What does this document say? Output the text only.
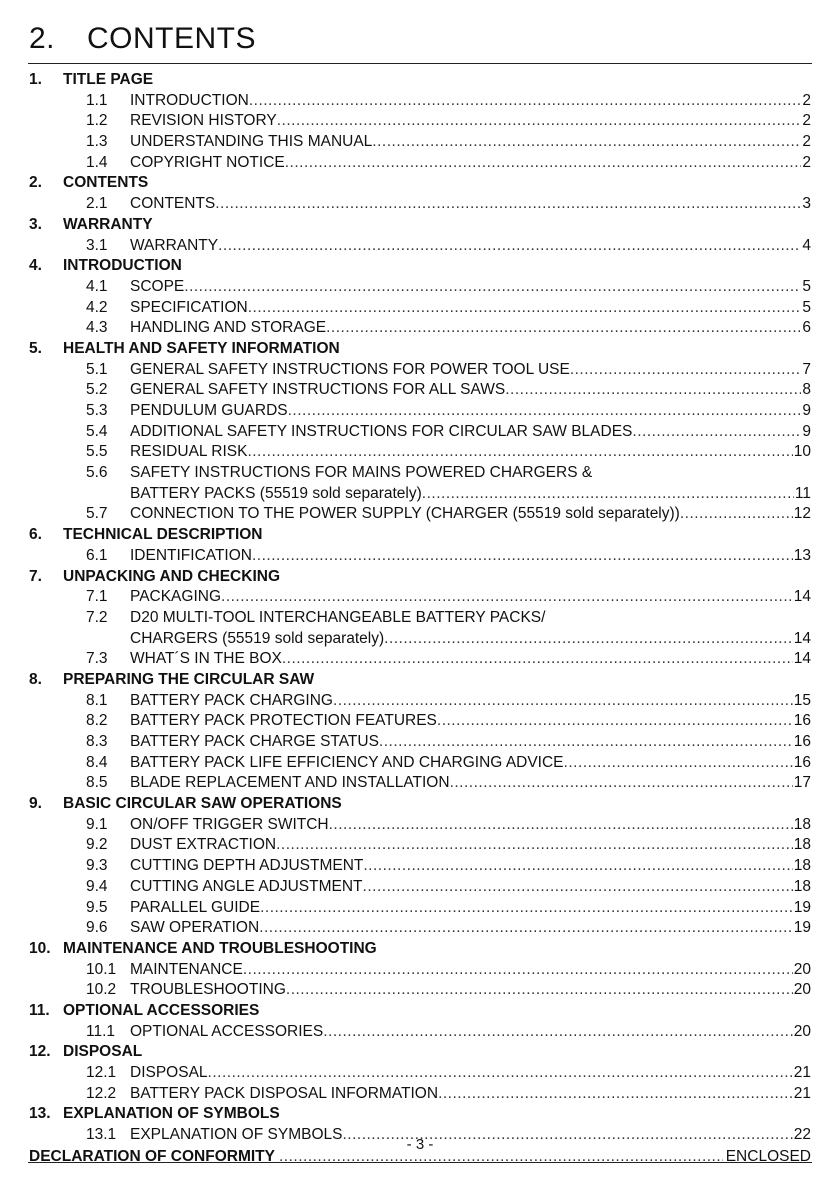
2. CONTENTS
1. TITLE PAGE
1.1 INTRODUCTION .....	2
1.2 REVISION HISTORY .....	2
1.3 UNDERSTANDING THIS MANUAL .....	2
1.4 COPYRIGHT NOTICE .....	2
2. CONTENTS
2.1 CONTENTS .....	3
3. WARRANTY
3.1 WARRANTY .....	4
4. INTRODUCTION
4.1 SCOPE .....	5
4.2 SPECIFICATION .....	5
4.3 HANDLING AND STORAGE .....	6
5. HEALTH AND SAFETY INFORMATION
5.1 GENERAL SAFETY INSTRUCTIONS FOR POWER TOOL USE .....	7
5.2 GENERAL SAFETY INSTRUCTIONS FOR ALL SAWS .....	8
5.3 PENDULUM GUARDS .....	9
5.4 ADDITIONAL SAFETY INSTRUCTIONS FOR CIRCULAR SAW BLADES .....	9
5.5 RESIDUAL RISK .....	10
5.6 SAFETY INSTRUCTIONS FOR MAINS POWERED CHARGERS &
BATTERY PACKS (55519 sold separately) .....	11
5.7 CONNECTION TO THE POWER SUPPLY (CHARGER (55519 sold separately)) .....	12
6. TECHNICAL DESCRIPTION
6.1 IDENTIFICATION .....	13
7. UNPACKING AND CHECKING
7.1 PACKAGING .....	14
7.2 D20 MULTI-TOOL INTERCHANGEABLE BATTERY PACKS/
CHARGERS (55519 sold separately) .....	14
7.3 WHAT´S IN THE BOX .....	14
8. PREPARING THE CIRCULAR SAW
8.1 BATTERY PACK CHARGING .....	15
8.2 BATTERY PACK PROTECTION FEATURES .....	16
8.3 BATTERY PACK CHARGE STATUS .....	16
8.4 BATTERY PACK LIFE EFFICIENCY AND CHARGING ADVICE .....	16
8.5 BLADE REPLACEMENT AND INSTALLATION .....	17
9. BASIC CIRCULAR SAW OPERATIONS
9.1 ON/OFF TRIGGER SWITCH .....	18
9.2 DUST EXTRACTION .....	18
9.3 CUTTING DEPTH ADJUSTMENT .....	18
9.4 CUTTING ANGLE ADJUSTMENT .....	18
9.5 PARALLEL GUIDE .....	19
9.6 SAW OPERATION .....	19
10. MAINTENANCE AND TROUBLESHOOTING
10.1 MAINTENANCE .....	20
10.2 TROUBLESHOOTING .....	20
11. OPTIONAL ACCESSORIES
11.1 OPTIONAL ACCESSORIES .....	20
12. DISPOSAL
12.1 DISPOSAL .....	21
12.2 BATTERY PACK DISPOSAL INFORMATION .....	21
13. EXPLANATION OF SYMBOLS
13.1 EXPLANATION OF SYMBOLS .....	22
DECLARATION OF CONFORMITY .....	ENCLOSED
- 3 -
